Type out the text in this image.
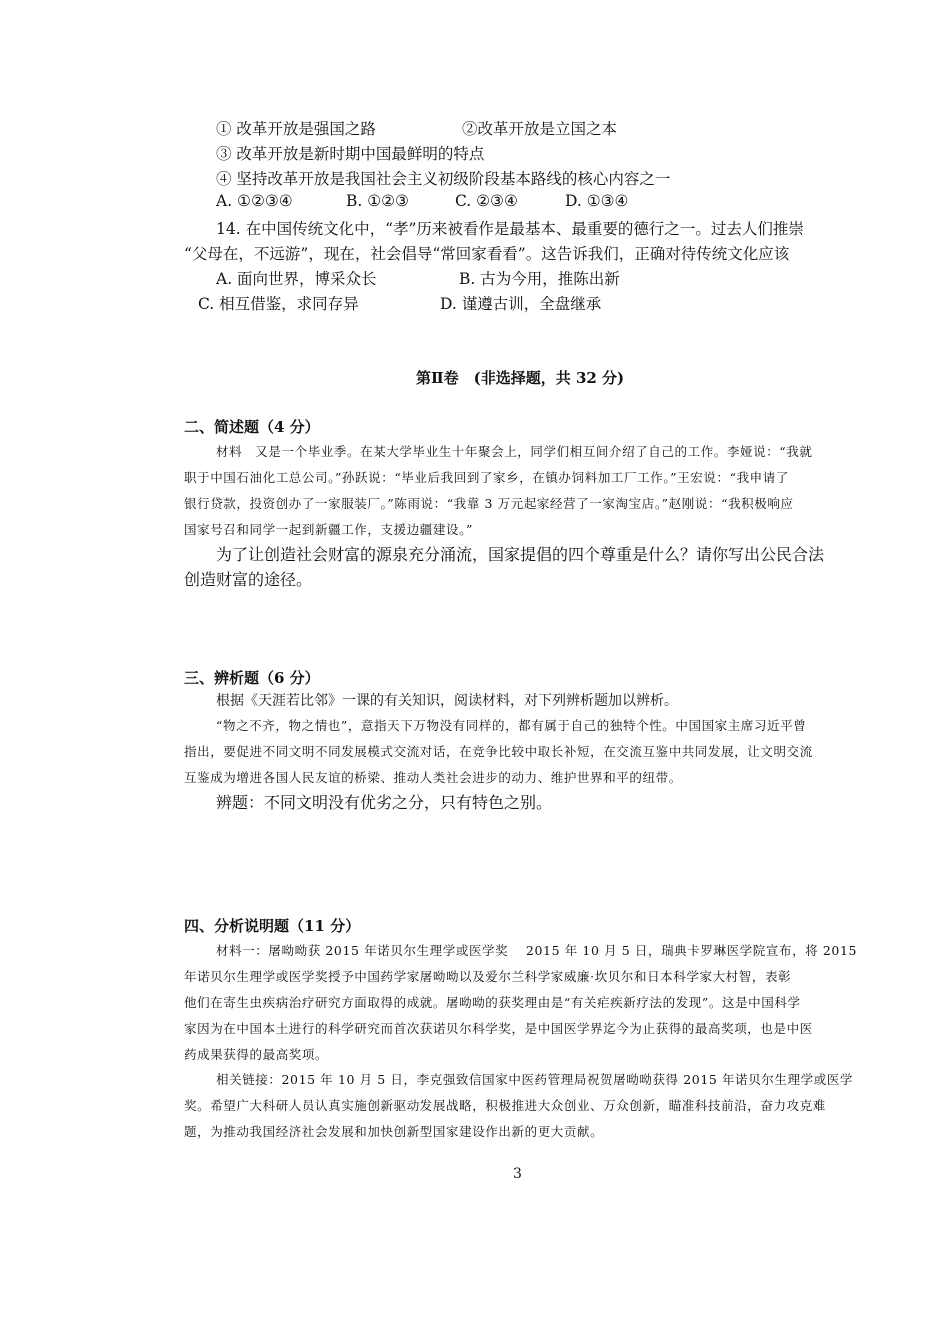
① 改革开放是强国之路	②改革开放是立国之本
③ 改革开放是新时期中国最鲜明的特点
④ 坚持改革开放是我国社会主义初级阶段基本路线的核心内容之一
A. ①②③④	B. ①②③	C. ②③④	D. ①③④
14. 在中国传统文化中，“孝”历来被看作是最基本、最重要的德行之一。过去人们推崇
“父母在，不远游”，现在，社会倡导“常回家看看”。这告诉我们，正确对待传统文化应该
A. 面向世界，博采众长	B. 古为今用，推陈出新
C. 相互借鉴，求同存异	D. 谨遵古训，全盘继承
第Ⅱ卷　(非选择题，共 32 分)
二、简述题（4 分）
材料　又是一个毕业季。在某大学毕业生十年聚会上，同学们相互间介绍了自己的工作。李娅说：“我就
职于中国石油化工总公司。”孙跃说：“毕业后我回到了家乡，在镇办饲料加工厂工作。”王宏说：“我申请了
银行贷款，投资创办了一家服装厂。”陈雨说：“我靠 3 万元起家经营了一家淘宝店。”赵刚说：“我积极响应
国家号召和同学一起到新疆工作，支援边疆建设。”
为了让创造社会财富的源泉充分涌流，国家提倡的四个尊重是什么？请你写出公民合法
创造财富的途径。
三、辨析题（6 分）
根据《天涯若比邻》一课的有关知识，阅读材料，对下列辨析题加以辨析。
“物之不齐，物之情也”，意指天下万物没有同样的，都有属于自己的独特个性。中国国家主席习近平曾
指出，要促进不同文明不同发展模式交流对话，在竞争比较中取长补短，在交流互鉴中共同发展，让文明交流
互鉴成为增进各国人民友谊的桥梁、推动人类社会进步的动力、维护世界和平的纽带。
辨题：不同文明没有优劣之分，只有特色之别。
四、分析说明题（11 分）
材料一：屠呦呦获 2015 年诺贝尔生理学或医学奖　 2015 年 10 月 5 日，瑞典卡罗琳医学院宣布，将 2015
年诺贝尔生理学或医学奖授予中国药学家屠呦呦以及爱尔兰科学家威廉·坎贝尔和日本科学家大村智，表彰
他们在寄生虫疾病治疗研究方面取得的成就。屠呦呦的获奖理由是“有关疟疾新疗法的发现”。这是中国科学
家因为在中国本土进行的科学研究而首次获诺贝尔科学奖，是中国医学界迄今为止获得的最高奖项，也是中医
药成果获得的最高奖项。
相关链接：2015 年 10 月 5 日，李克强致信国家中医药管理局祝贺屠呦呦获得 2015 年诺贝尔生理学或医学
奖。希望广大科研人员认真实施创新驱动发展战略，积极推进大众创业、万众创新，瞄准科技前沿，奋力攻克难
题，为推动我国经济社会发展和加快创新型国家建设作出新的更大贡献。
3
